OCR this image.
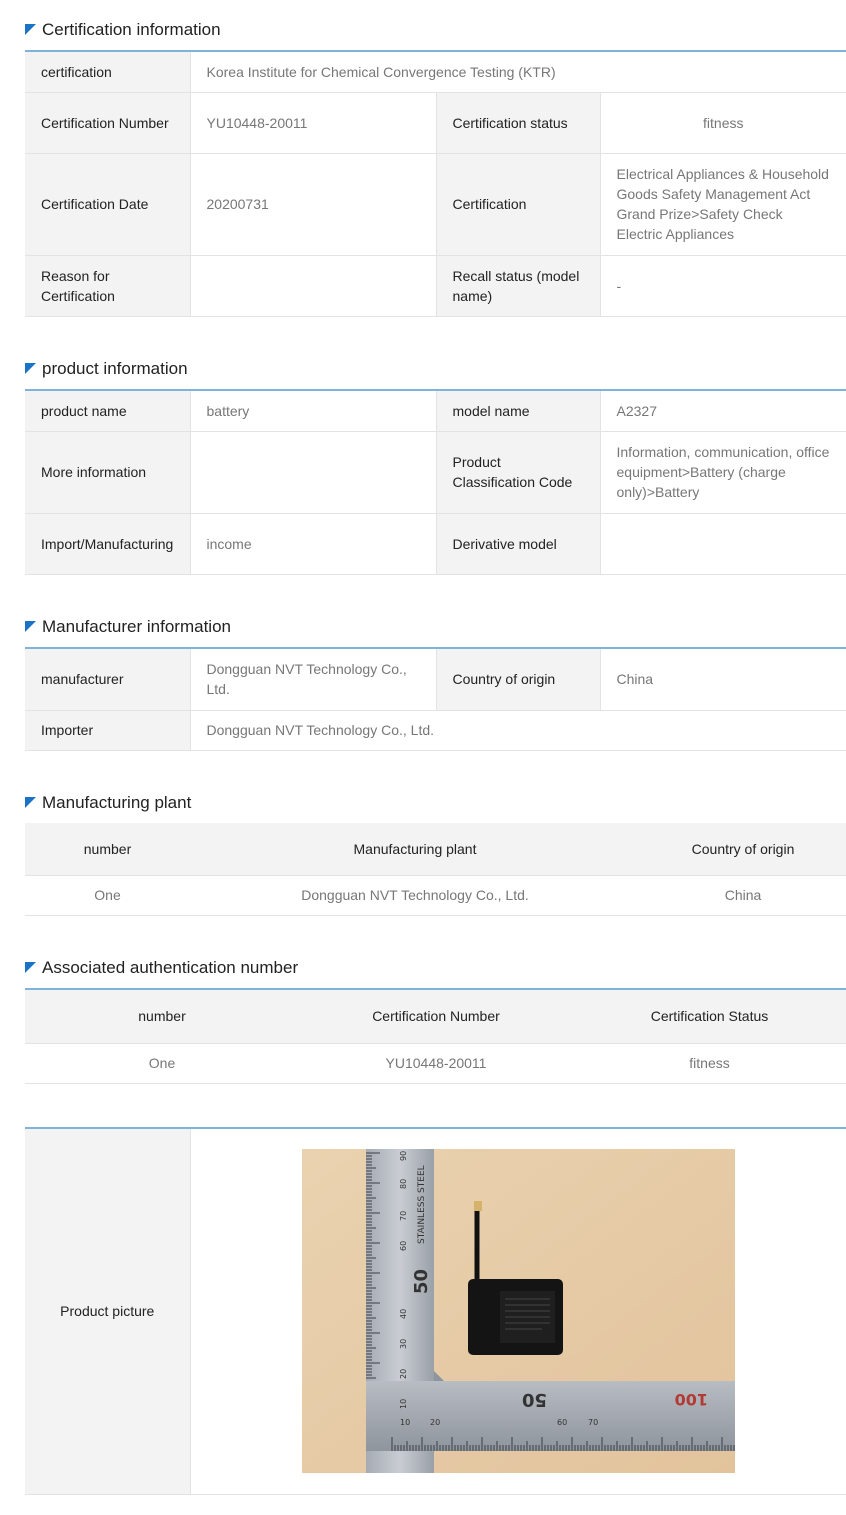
Certification information
certification	Korea Institute for Chemical Convergence Testing (KTR)		
Certification Number	YU10448-20011	Certification status	fitness
Certification Date	20200731	Certification	Electrical Appliances & Household Goods Safety Management Act Grand Prize>Safety Check Electric Appliances
Reason for Certification		Recall status (model name)	-
product information
product name	battery	model name	A2327
More information		Product Classification Code	Information, communication, office equipment>Battery (charge only)>Battery
Import/Manufacturing	income	Derivative model	
Manufacturer information
manufacturer	Dongguan NVT Technology Co., Ltd.	Country of origin	China
Importer	Dongguan NVT Technology Co., Ltd.		
Manufacturing plant
number	Manufacturing plant	Country of origin
One	Dongguan NVT Technology Co., Ltd.	China
Associated authentication number
number	Certification Number	Certification Status
One	YU10448-20011	fitness
Product picture	
STAINLESS STEEL
90
80
70
60
50
40
30
20
10
10 20
50
60	70
100
